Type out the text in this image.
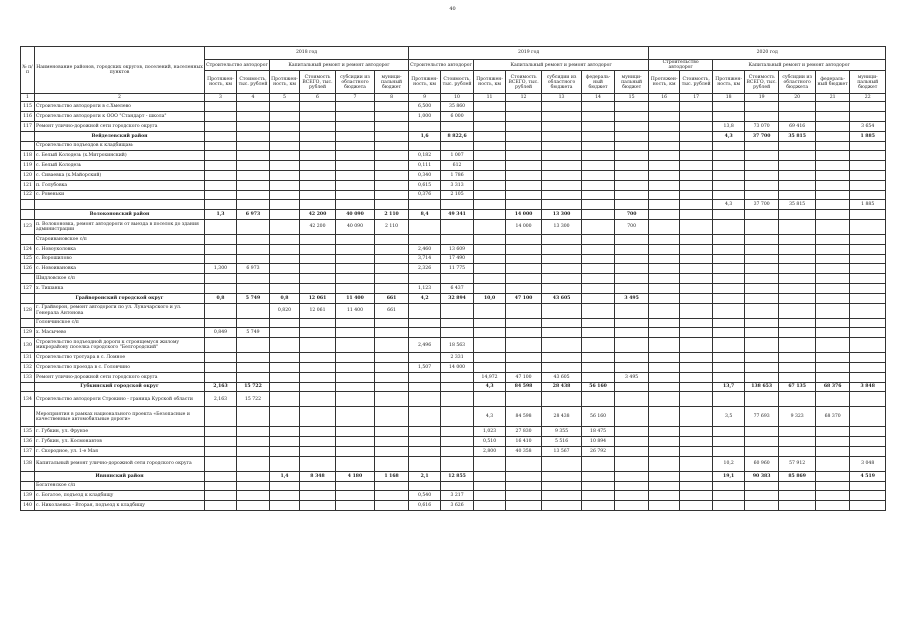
40
№ п/п	Наименование районов, городских округов, поселений, населенных пунктов	2018 год						2019 год							2020 год						
		Строительство автодорог		Капитальный ремонт и ремонт автодорог				Строительство автодорог		Капитальный ремонт и ремонт автодорог					Строительство автодорог		Капитальный ремонт и ремонт автодорог				
		Протяжен-ность, км	Стоимость, тыс. рублей	Протяжен-ность, км	Стоимость ВСЕГО, тыс. рублей	субсидии из областного бюджета	муници-пальный бюджет	Протяжен-ность, км	Стоимость, тыс. рублей	Протяжен-ность, км	Стоимость ВСЕГО, тыс. рублей	субсидии из областного бюджета	федераль-ный бюджет	муници-пальный бюджет	Протяжен-ность, км	Стоимость, тыс. рублей	Протяжен-ность, км	Стоимость ВСЕГО, тыс. рублей	субсидии из областного бюджета	федераль-ный бюджет	муници-пальный бюджет
1	2	3	4	5	6	7	8	9	10	11	12	13	14	15	16	17	18	19	20	21	22
115	Строительство автодороги в с.Хмелево							6,500	35 860												
116	Строительство автодороги к ООО "Стандарт - школа"							1,000	6 000												
117	Ремонт улично-дорожной сети городского округа																13,8	73 070	69 416		3 654
	Вейделевский район							1,6	8 822,6								4,3	37 700	35 815		1 885
	Строительство подъездов к кладбищам:																				
118	с. Белый Колодезь (х.Митрохинский)							0,182	1 007												
119	с. Белый Колодезь							0,111	612												
120	с. Сиваевка (х.Майорский)							0,340	1 786												
121	п. Голубовка							0,615	3 313												
122	с. Ровеньки							0,376	2 105												
																	4,3	37 700	35 815		1 885
	Волоконовский район	1,3	6 973		42 200	40 090	2 110	8,4	49 341		14 000	13 300		700							
123	п. Волоконовка, ремонт автодороги от выезда в поселок до здания администрации				42 200	40 090	2 110				14 000	13 300		700							
	Староивановское с/п																				
124	с. Новоуколовка							2,460	13 609												
125	с. Ворошилово							3,714	17 490												
126	с. Новоивановка	1,300	6 973					2,326	11 775												
	Шидловское с/п																				
127	х. Тишанка							1,123	6 437												
	Грайворонский городской округ	0,8	5 749	0,8	12 061	11 400	661	4,2	32 894	10,0	47 100	43 605		3 495							
128	г. Грайворон, ремонт автодороги по ул. Луначарского и ул. Генерала Антонова			0,820	12 061	11 400	661														
	Головчинское с/п																				
129	х. Масычево	0,849	5 749																		
130	Строительство подъездной дороги к строящемуся жилому микрорайону поселка городского "Белгородский"							2,496	18 563												
131	Строительство тротуара в с. Ломное								2 331												
132	Строительство проезда в с. Головчино							1,507	14 000												
133	Ремонт улично-дорожной сети городского округа									14,972	47 100	43 605		3 495							
	Губкинский городской округ	2,163	15 722							4,3	84 598	28 438	56 160				13,7	138 653	67 135	68 376	3 848
134	Строительство автодороги Строкино - граница Курской области	2,163	15 722																		
	Мероприятия в рамках национального проекта «Безопасные и качественные автомобильные дороги»									4,3	84 598	28 438	56 160				3,5	77 693	9 323	68 370	
135	г. Губкин, ул. Фрунзе									1,023	27 830	9 355	18 475								
136	г. Губкин, ул. Космонавтов									0,510	16 410	5 516	10 894								
137	г. Скородное, ул. 1-е Мая									2,800	40 358	13 567	26 792								
138	Капитальный ремонт улично-дорожной сети городского округа																10,2	60 960	57 912		3 048
	Ивнянский район			1,4	8 348	4 180	1 168	2,1	12 855								19,1	90 383	85 869		4 519
	Богатенское с/п																				
139	с. Богатое, подъезд к кладбищу							0,540	3 217												
140	с. Николаевка - Вторая, подъезд к кладбищу							0,616	3 626												
